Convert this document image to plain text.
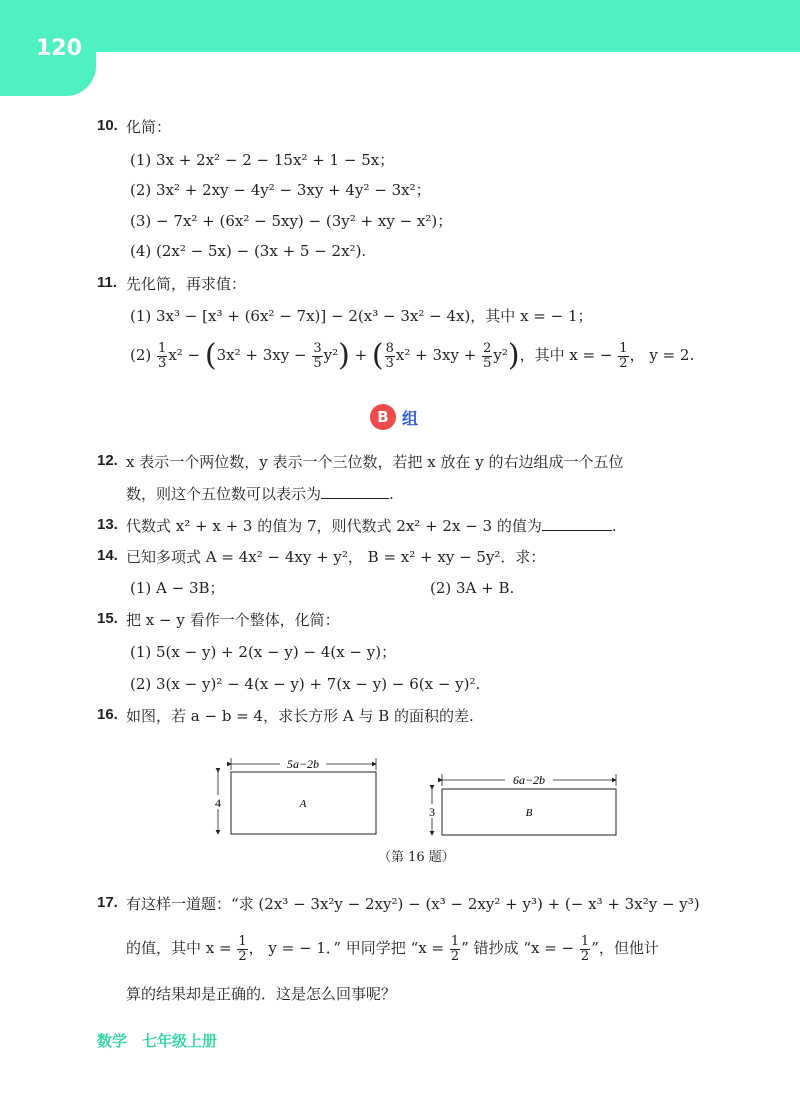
120
10. 化简：
(1) 3x + 2x² − 2 − 15x² + 1 − 5x；
(2) 3x² + 2xy − 4y² − 3xy + 4y² − 3x²；
(3) − 7x² + (6x² − 5xy) − (3y² + xy − x²)；
(4) (2x² − 5x) − (3x + 5 − 2x²).
11. 先化简，再求值：
(1) 3x³ − [x³ + (6x² − 7x)] − 2(x³ − 3x² − 4x)，其中 x = − 1；
$(2) \frac{1}{3} x^2 - (3x^2 + 3xy - \frac{3}{5} y^2)$ + ( $\frac{8}{3} x^2 + 3xy + \frac{2}{5} y^2$)，其中 x = − $\frac{1}{2}$ ， y = 2.
B 组
12. x 表示一个两位数，y 表示一个三位数，若把 x 放在 y 的右边组成一个五位
数，则这个五位数可以表示为	.
13. 代数式 x² + x + 3 的值为 7，则代数式 2x² + 2x − 3 的值为	.
14. 已知多项式 A = 4x² − 4xy + y²， B = x² + xy − 5y²．求：
(1) A − 3B；	(2) 3A + B.
15. 把 x − y 看作一个整体，化简：
(1) 5(x − y) + 2(x − y) − 4(x − y)；
(2) 3(x − y)² − 4(x − y) + 7(x − y) − 6(x − y)².
16. 如图，若 a − b = 4，求长方形 A 与 B 的面积的差.
5a−2b
4	A
6a−2b
3	B
（第 16 题）
17. 有这样一道题：“求 (2x³ − 3x²y − 2xy²) − (x³ − 2xy² + y³) + (− x³ + 3x²y − y³)
的值，其中 $x = \frac{1}{2}$ ， y = − 1．” 甲同学把 “$x = \frac{1}{2}$ ” 错抄成 “x = − $\frac{1}{2}$ ”，但他计
算的结果却是正确的．这是怎么回事呢？
数学　七年级上册
